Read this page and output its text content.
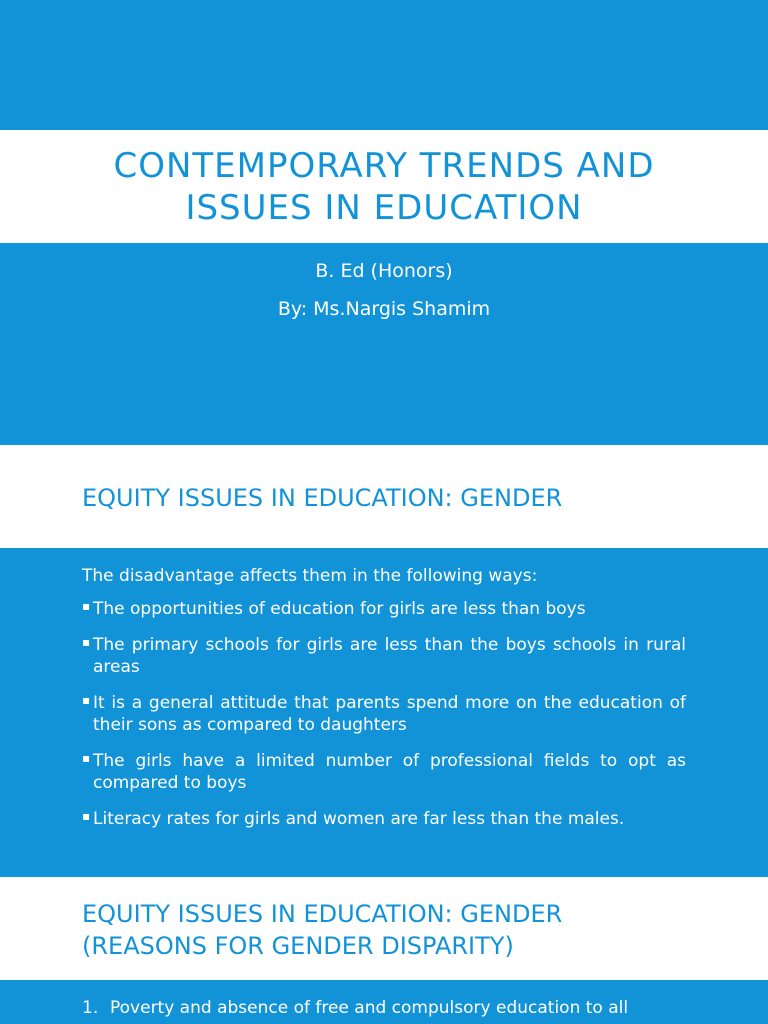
CONTEMPORARY TRENDS AND
ISSUES IN EDUCATION
B. Ed (Honors)
By: Ms.Nargis Shamim
EQUITY ISSUES IN EDUCATION: GENDER

The disadvantage affects them in the following ways:

▪ The opportunities of education for girls are less than boys
▪ The primary schools for girls are less than the boys schools in rural areas
▪ It is a general attitude that parents spend more on the education of their sons as compared to daughters
▪ The girls have a limited number of professional fields to opt as compared to boys
▪ Literacy rates for girls and women are far less than the males.
EQUITY ISSUES IN EDUCATION: GENDER
(REASONS FOR GENDER DISPARITY)
1. Poverty and absence of free and compulsory education to all
